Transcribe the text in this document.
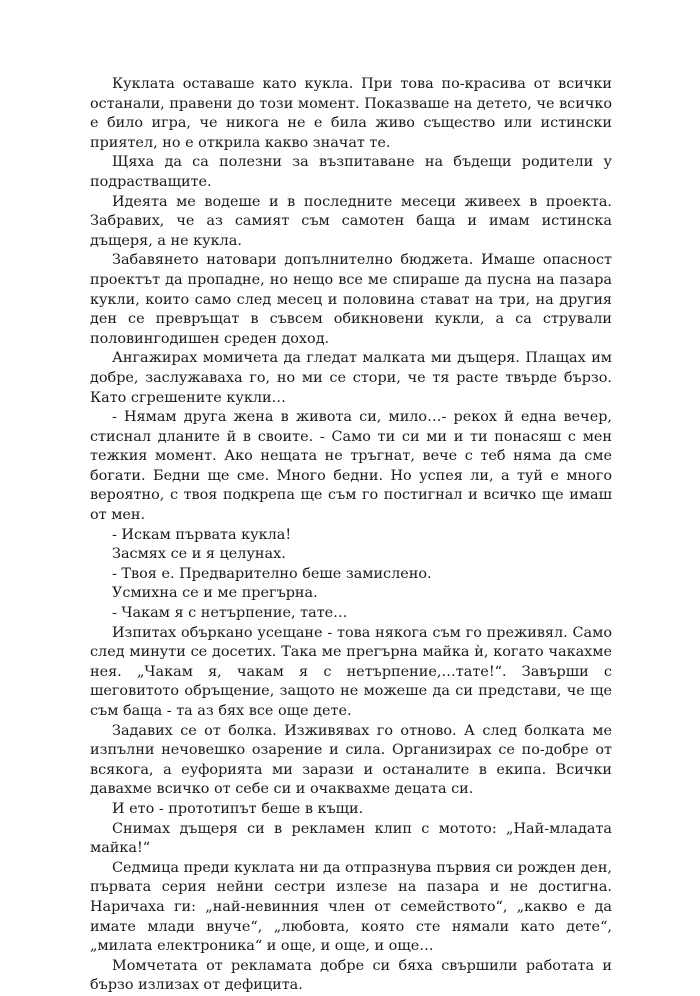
Куклата оставаше като кукла. При това по-красива от всички останали, правени до този момент. Показваше на детето, че всичко е било игра, че никога не е била живо същество или истински приятел, но е открила какво значат те.

Щяха да са полезни за възпитаване на бъдещи родители у подрастващите.

Идеята ме водеше и в последните месеци живеех в проекта. Забравих, че аз самият съм самотен баща и имам истинска дъщеря, а не кукла.

Забавянето натовари допълнително бюджета. Имаше опасност проектът да пропадне, но нещо все ме спираше да пусна на пазара кукли, които само след месец и половина стават на три, на другия ден се превръщат в съвсем обикновени кукли, а са стрували половингодишен среден доход.

Ангажирах момичета да гледат малката ми дъщеря. Плащах им добре, заслужаваха го, но ми се стори, че тя расте твърде бързо. Като сгрешените кукли…

- Нямам друга жена в живота си, мило…- рекох й една вечер, стиснал дланите й в своите. - Само ти си ми и ти понасяш с мен тежкия момент. Ако нещата не тръгнат, вече с теб няма да сме богати. Бедни ще сме. Много бедни. Но успея ли, а туй е много вероятно, с твоя подкрепа ще съм го постигнал и всичко ще имаш от мен.

- Искам първата кукла!

Засмях се и я целунах.

- Твоя е. Предварително беше замислено.

Усмихна се и ме прегърна.

- Чакам я с нетърпение, тате…

Изпитах объркано усещане - това някога съм го преживял. Само след минути се досетих. Така ме прегърна майка ѝ, когато чакахме нея. „Чакам я, чакам я с нетърпение,…тате!“. Завърши с шеговитото обръщение, защото не можеше да си представи, че ще съм баща - та аз бях все още дете.

Задавих се от болка. Изживявах го отново. А след болката ме изпълни нечовешко озарение и сила. Организирах се по-добре от всякога, а еуфорията ми зарази и останалите в екипа. Всички давахме всичко от себе си и очаквахме децата си.

И ето - прототипът беше в къщи.

Снимах дъщеря си в рекламен клип с мотото: „Най-младата майка!“

Седмица преди куклата ни да отпразнува първия си рожден ден, първата серия нейни сестри излезе на пазара и не достигна. Наричаха ги: „най-невинния член от семейството“, „какво е да имате млади внуче“, „любовта, която сте нямали като дете“, „милата електроника“ и още, и още, и още…

Момчетата от рекламата добре си бяха свършили работата и бързо излизах от дефицита.
